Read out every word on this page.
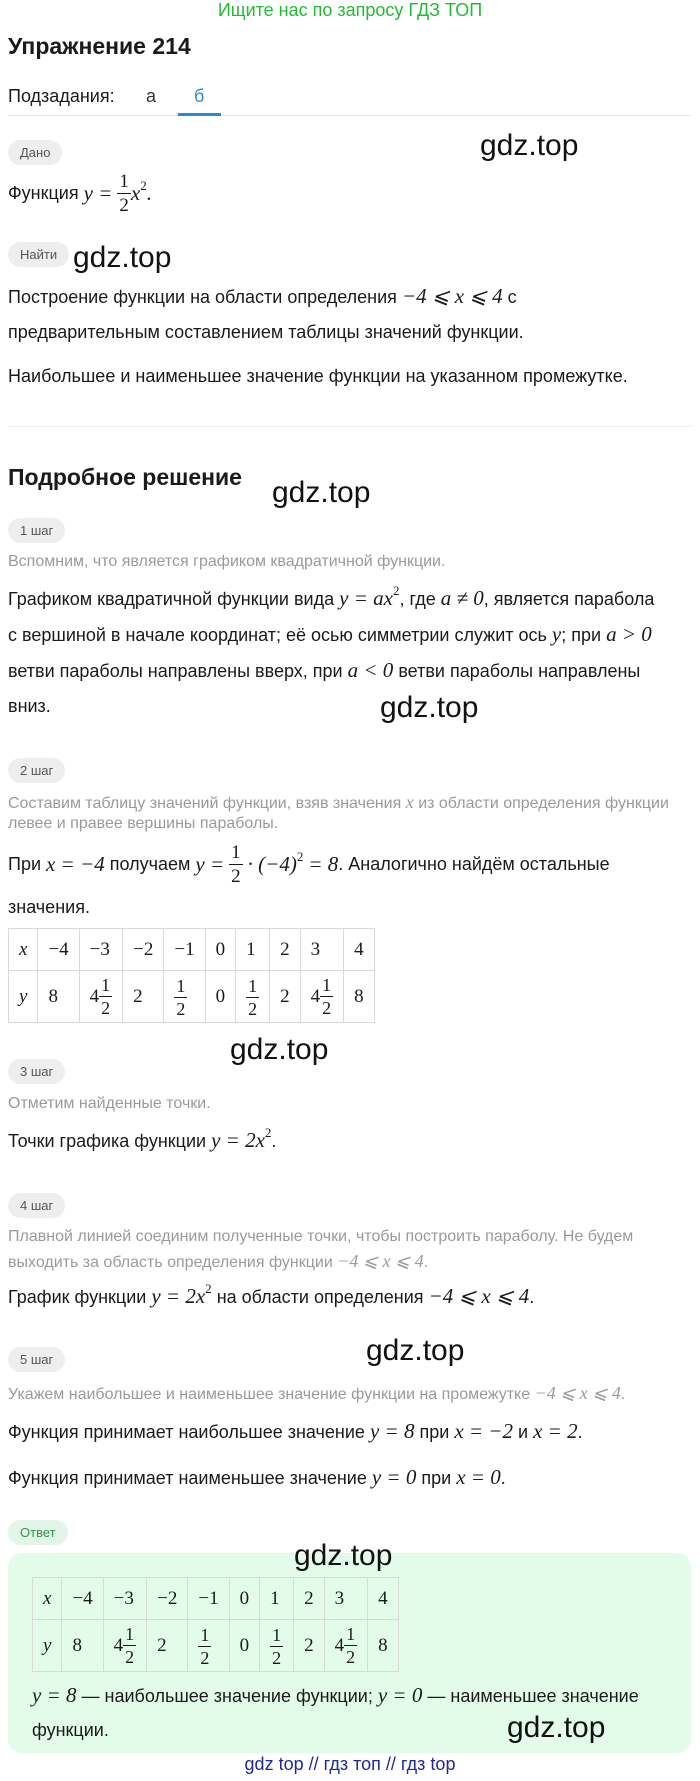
Ищите нас по запросу ГДЗ ТОП
Упражнение 214
Подзадания: а б
Дано	gdz.top
Функция
y =
$\frac{1}{2} x^2$ .
Найти gdz.top
Построение функции на области определения −4 ⩽ x ⩽ 4 с
предварительным составлением таблицы значений функции.
Наибольшее и наименьшее значение функции на указанном промежутке.
Подробное решение gdz.top
1 шаг
Вспомним, что является графиком квадратичной функции.
Графиком квадратичной функции вида $y = ax^2$, где a ≠ 0, является парабола
с вершиной в начале координат; её осью симметрии служит ось y; при a > 0
ветви параболы направлены вверх, при a < 0 ветви параболы направлены
вниз.	gdz.top
2 шаг
Составим таблицу значений функции, взяв значения x из области определения функции
левее и правее вершины параболы.
При
x = −4
получаем
y =
$\frac{1}{2}$
· $(-4)^2$
= 8 . Аналогично найдём остальные
значения.
x	−4	−3	−2	−1	0	1	2	3	4
y	8	$4 \frac{1}{2}$	2	$\frac{1}{2}$	0	$\frac{1}{2}$	2	$4 \frac{1}{2}$	8
gdz.top
3 шаг
Отметим найденные точки.
Точки графика функции $y = 2x^2$.
4 шаг
Плавной линией соединим полученные точки, чтобы построить параболу. Не будем
выходить за область определения функции −4 ⩽ x ⩽ 4.
График функции $y = 2x^2$ на области определения −4 ⩽ x ⩽ 4.
5 шаг	gdz.top
Укажем наибольшее и наименьшее значение функции на промежутке −4 ⩽ x ⩽ 4.
Функция принимает наибольшее значение y = 8 при x = −2 и x = 2.
Функция принимает наименьшее значение y = 0 при x = 0.
Ответ
gdz.top
x	−4	−3	−2	−1	0	1	2	3	4
y	8	$4 \frac{1}{2}$	2	$\frac{1}{2}$	0	$\frac{1}{2}$	2	$4 \frac{1}{2}$	8
y = 8 — наибольшее значение функции; y = 0 — наименьшее значение
функции.	gdz.top
gdz top // гдз топ // гдз top
